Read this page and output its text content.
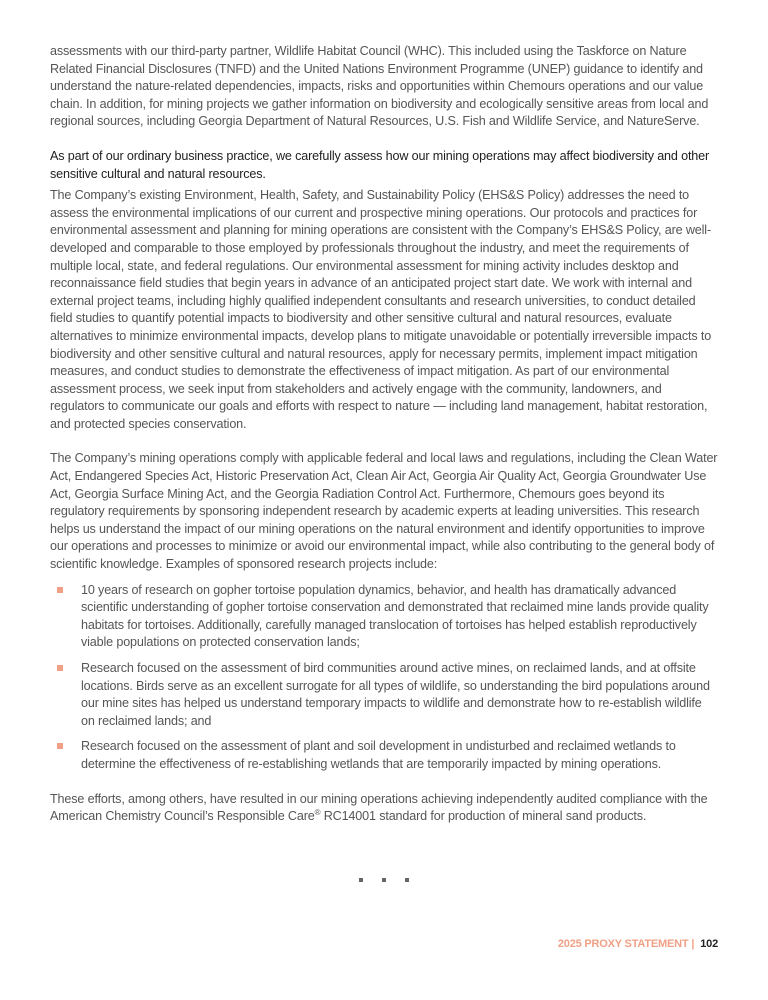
assessments with our third-party partner, Wildlife Habitat Council (WHC). This included using the Taskforce on Nature Related Financial Disclosures (TNFD) and the United Nations Environment Programme (UNEP) guidance to identify and understand the nature-related dependencies, impacts, risks and opportunities within Chemours operations and our value chain. In addition, for mining projects we gather information on biodiversity and ecologically sensitive areas from local and regional sources, including Georgia Department of Natural Resources, U.S. Fish and Wildlife Service, and NatureServe.

As part of our ordinary business practice, we carefully assess how our mining operations may affect biodiversity and other sensitive cultural and natural resources.

The Company’s existing Environment, Health, Safety, and Sustainability Policy (EHS&S Policy) addresses the need to assess the environmental implications of our current and prospective mining operations. Our protocols and practices for environmental assessment and planning for mining operations are consistent with the Company’s EHS&S Policy, are well-developed and comparable to those employed by professionals throughout the industry, and meet the requirements of multiple local, state, and federal regulations. Our environmental assessment for mining activity includes desktop and reconnaissance field studies that begin years in advance of an anticipated project start date. We work with internal and external project teams, including highly qualified independent consultants and research universities, to conduct detailed field studies to quantify potential impacts to biodiversity and other sensitive cultural and natural resources, evaluate alternatives to minimize environmental impacts, develop plans to mitigate unavoidable or potentially irreversible impacts to biodiversity and other sensitive cultural and natural resources, apply for necessary permits, implement impact mitigation measures, and conduct studies to demonstrate the effectiveness of impact mitigation. As part of our environmental assessment process, we seek input from stakeholders and actively engage with the community, landowners, and regulators to communicate our goals and efforts with respect to nature — including land management, habitat restoration, and protected species conservation.

The Company’s mining operations comply with applicable federal and local laws and regulations, including the Clean Water Act, Endangered Species Act, Historic Preservation Act, Clean Air Act, Georgia Air Quality Act, Georgia Groundwater Use Act, Georgia Surface Mining Act, and the Georgia Radiation Control Act. Furthermore, Chemours goes beyond its regulatory requirements by sponsoring independent research by academic experts at leading universities. This research helps us understand the impact of our mining operations on the natural environment and identify opportunities to improve our operations and processes to minimize or avoid our environmental impact, while also contributing to the general body of scientific knowledge. Examples of sponsored research projects include:

10 years of research on gopher tortoise population dynamics, behavior, and health has dramatically advanced scientific understanding of gopher tortoise conservation and demonstrated that reclaimed mine lands provide quality habitats for tortoises. Additionally, carefully managed translocation of tortoises has helped establish reproductively viable populations on protected conservation lands;
Research focused on the assessment of bird communities around active mines, on reclaimed lands, and at offsite locations. Birds serve as an excellent surrogate for all types of wildlife, so understanding the bird populations around our mine sites has helped us understand temporary impacts to wildlife and demonstrate how to re-establish wildlife on reclaimed lands; and
Research focused on the assessment of plant and soil development in undisturbed and reclaimed wetlands to determine the effectiveness of re-establishing wetlands that are temporarily impacted by mining operations.

These efforts, among others, have resulted in our mining operations achieving independently audited compliance with the American Chemistry Council’s Responsible Care® RC14001 standard for production of mineral sand products.

2025 PROXY STATEMENT | 102
